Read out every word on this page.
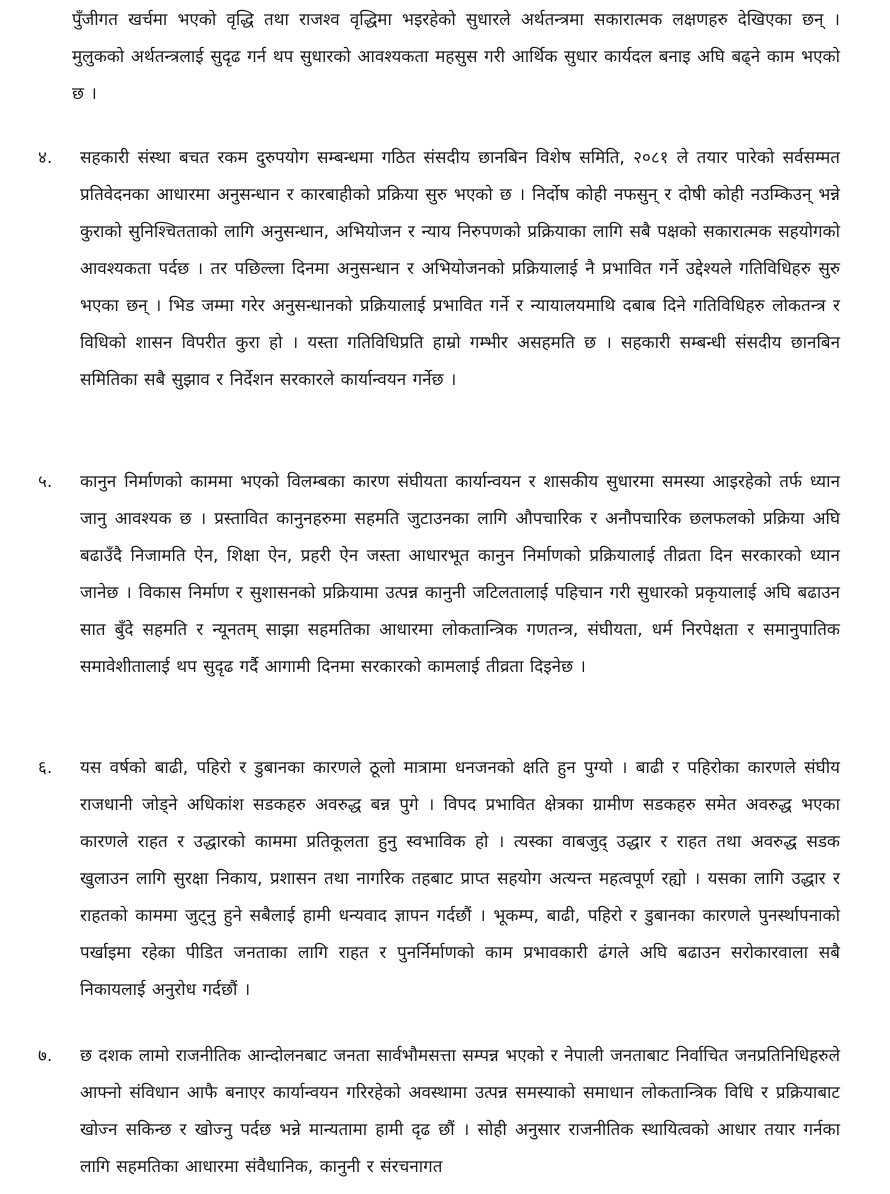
पुँजीगत खर्चमा भएको वृद्धि तथा राजश्व वृद्धिमा भइरहेको सुधारले अर्थतन्त्रमा सकारात्मक लक्षणहरु देखिएका छन् । मुलुकको अर्थतन्त्रलाई सुदृढ गर्न थप सुधारको आवश्यकता महसुस गरी आर्थिक सुधार कार्यदल बनाइ अघि बढ्ने काम भएको छ ।

४.	सहकारी संस्था बचत रकम दुरुपयोग सम्बन्धमा गठित संसदीय छानबिन विशेष समिति, २०८१ ले तयार पारेको सर्वसम्मत प्रतिवेदनका आधारमा अनुसन्धान र कारबाहीको प्रक्रिया सुरु भएको छ । निर्दोष कोही नफसुन् र दोषी कोही नउम्किउन् भन्ने कुराको सुनिश्चितताको लागि अनुसन्धान, अभियोजन र न्याय निरुपणको प्रक्रियाका लागि सबै पक्षको सकारात्मक सहयोगको आवश्यकता पर्दछ । तर पछिल्ला दिनमा अनुसन्धान र अभियोजनको प्रक्रियालाई नै प्रभावित गर्ने उद्देश्यले गतिविधिहरु सुरु भएका छन् । भिड जम्मा गरेर अनुसन्धानको प्रक्रियालाई प्रभावित गर्ने र न्यायालयमाथि दबाब दिने गतिविधिहरु लोकतन्त्र र विधिको शासन विपरीत कुरा हो । यस्ता गतिविधिप्रति हाम्रो गम्भीर असहमति छ । सहकारी सम्बन्धी संसदीय छानबिन समितिका सबै सुझाव र निर्देशन सरकारले कार्यान्वयन गर्नेछ ।

५.	कानुन निर्माणको काममा भएको विलम्बका कारण संघीयता कार्यान्वयन र शासकीय सुधारमा समस्या आइरहेको तर्फ ध्यान जानु आवश्यक छ । प्रस्तावित कानुनहरुमा सहमति जुटाउनका लागि औपचारिक र अनौपचारिक छलफलको प्रक्रिया अघि बढाउँदै निजामति ऐन, शिक्षा ऐन, प्रहरी ऐन जस्ता आधारभूत कानुन निर्माणको प्रक्रियालाई तीव्रता दिन सरकारको ध्यान जानेछ । विकास निर्माण र सुशासनको प्रक्रियामा उत्पन्न कानुनी जटिलतालाई पहिचान गरी सुधारको प्रकृयालाई अघि बढाउन सात बुँदे सहमति र न्यूनतम् साझा सहमतिका आधारमा लोकतान्त्रिक गणतन्त्र, संघीयता, धर्म निरपेक्षता र समानुपातिक समावेशीतालाई थप सुदृढ गर्दै आगामी दिनमा सरकारको कामलाई तीव्रता दिइनेछ ।

६.	यस वर्षको बाढी, पहिरो र डुबानका कारणले ठूलो मात्रामा धनजनको क्षति हुन पुग्यो । बाढी र पहिरोका कारणले संघीय राजधानी जोड्ने अधिकांश सडकहरु अवरुद्ध बन्न पुगे । विपद प्रभावित क्षेत्रका ग्रामीण सडकहरु समेत अवरुद्ध भएका कारणले राहत र उद्धारको काममा प्रतिकूलता हुनु स्वभाविक हो । त्यस्का वाबजुद् उद्धार र राहत तथा अवरुद्ध सडक खुलाउन लागि सुरक्षा निकाय, प्रशासन तथा नागरिक तहबाट प्राप्त सहयोग अत्यन्त महत्वपूर्ण रह्यो । यसका लागि उद्धार र राहतको काममा जुट्नु हुने सबैलाई हामी धन्यवाद ज्ञापन गर्दछौं । भूकम्प, बाढी, पहिरो र डुबानका कारणले पुनर्स्थापनाको पर्खाइमा रहेका पीडित जनताका लागि राहत र पुनर्निर्माणको काम प्रभावकारी ढंगले अघि बढाउन सरोकारवाला सबै निकायलाई अनुरोध गर्दछौं ।

७.	छ दशक लामो राजनीतिक आन्दोलनबाट जनता सार्वभौमसत्ता सम्पन्न भएको र नेपाली जनताबाट निर्वाचित जनप्रतिनिधिहरुले आफ्नो संविधान आफै बनाएर कार्यान्वयन गरिरहेको अवस्थामा उत्पन्न समस्याको समाधान लोकतान्त्रिक विधि र प्रक्रियाबाट खोज्न सकिन्छ र खोज्नु पर्दछ भन्ने मान्यतामा हामी दृढ छौं । सोही अनुसार राजनीतिक स्थायित्वको आधार तयार गर्नका लागि सहमतिका आधारमा संवैधानिक, कानुनी र संरचनागत
